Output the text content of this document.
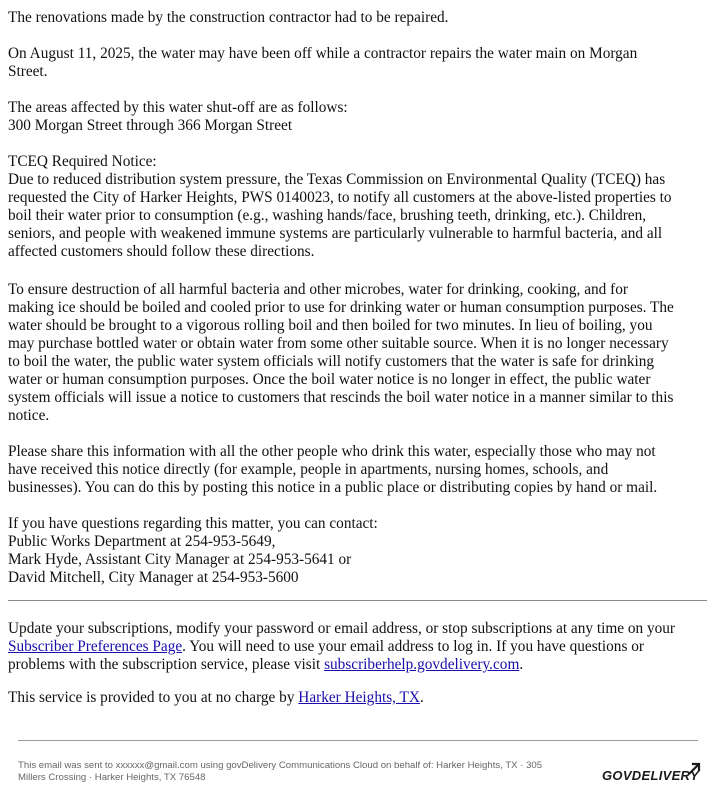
The renovations made by the construction contractor had to be repaired.
On August 11, 2025, the water may have been off while a contractor repairs the water main on Morgan
Street.
The areas affected by this water shut-off are as follows:
300 Morgan Street through 366 Morgan Street
TCEQ Required Notice:
Due to reduced distribution system pressure, the Texas Commission on Environmental Quality (TCEQ) has
requested the City of Harker Heights, PWS 0140023, to notify all customers at the above-listed properties to
boil their water prior to consumption (e.g., washing hands/face, brushing teeth, drinking, etc.). Children,
seniors, and people with weakened immune systems are particularly vulnerable to harmful bacteria, and all
affected customers should follow these directions.
To ensure destruction of all harmful bacteria and other microbes, water for drinking, cooking, and for
making ice should be boiled and cooled prior to use for drinking water or human consumption purposes. The
water should be brought to a vigorous rolling boil and then boiled for two minutes. In lieu of boiling, you
may purchase bottled water or obtain water from some other suitable source. When it is no longer necessary
to boil the water, the public water system officials will notify customers that the water is safe for drinking
water or human consumption purposes. Once the boil water notice is no longer in effect, the public water
system officials will issue a notice to customers that rescinds the boil water notice in a manner similar to this
notice.
Please share this information with all the other people who drink this water, especially those who may not
have received this notice directly (for example, people in apartments, nursing homes, schools, and
businesses). You can do this by posting this notice in a public place or distributing copies by hand or mail.
If you have questions regarding this matter, you can contact:
Public Works Department at 254-953-5649,
Mark Hyde, Assistant City Manager at 254-953-5641 or
David Mitchell, City Manager at 254-953-5600
Update your subscriptions, modify your password or email address, or stop subscriptions at any time on your
Subscriber Preferences Page. You will need to use your email address to log in. If you have questions or
problems with the subscription service, please visit subscriberhelp.govdelivery.com.
This service is provided to you at no charge by Harker Heights, TX.
This email was sent to xxxxxx@gmail.com using govDelivery Communications Cloud on behalf of: Harker Heights, TX · 305
Millers Crossing · Harker Heights, TX 76548	GOVDELIVERY
